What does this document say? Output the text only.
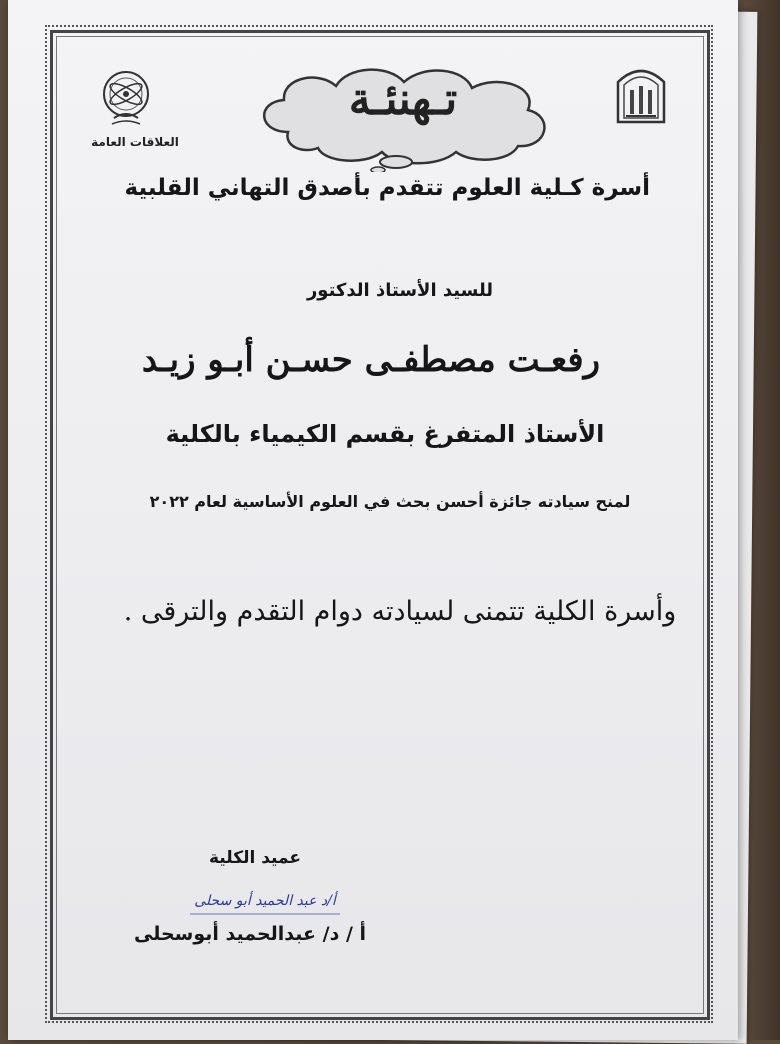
العلاقات العامة
تـهنئـة
أسرة كـلية العلوم تتقدم بأصدق التهاني القلبية
للسيد الأستاذ الدكتور
رفعـت مصطفـى حسـن أبـو زيـد
الأستاذ المتفرغ بقسم الكيمياء بالكلية
لمنح سيادته جائزة أحسن بحث في العلوم الأساسية لعام ٢٠٢٢
وأسرة الكلية تتمنى لسيادته دوام التقدم والترقى .
عميد الكلية
أ/د عبد الحميد أبو سحلى
أ / د/ عبدالحميد أبوسحلى
